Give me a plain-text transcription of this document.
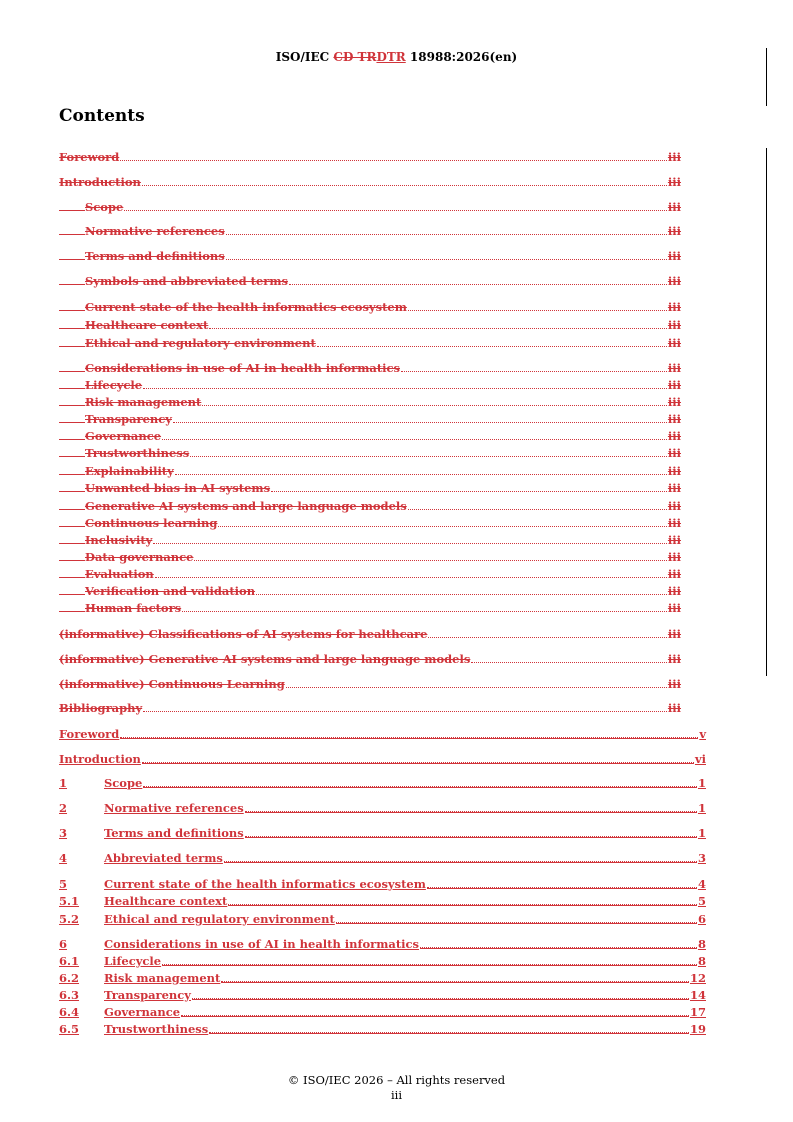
ISO/IEC CD TRDTR 18988:2026(en)
Contents
Foreword	iii
Introduction	iii
Scope	iii
Normative references	iii
Terms and definitions	iii
Symbols and abbreviated terms	iii
Current state of the health informatics ecosystem	iii
Healthcare context	iii
Ethical and regulatory environment	iii
Considerations in use of AI in health informatics	iii
Lifecycle	iii
Risk management	iii
Transparency	iii
Governance	iii
Trustworthiness	iii
Explainability	iii
Unwanted bias in AI systems	iii
Generative AI systems and large language models	iii
Continuous learning	iii
Inclusivity	iii
Data governance	iii
Evaluation	iii
Verification and validation	iii
Human factors	iii
(informative) Classifications of AI systems for healthcare	iii
(informative) Generative AI systems and large language models	iii
(informative) Continuous Learning	iii
Bibliography	iii
Foreword	v
Introduction	vi
1	Scope	1
2	Normative references	1
3	Terms and definitions	1
4	Abbreviated terms	3
5	Current state of the health informatics ecosystem	4
5.1	Healthcare context	5
5.2	Ethical and regulatory environment	6
6	Considerations in use of AI in health informatics	8
6.1	Lifecycle	8
6.2	Risk management	12
6.3	Transparency	14
6.4	Governance	17
6.5	Trustworthiness	19
© ISO/IEC 2026 – All rights reserved
iii
